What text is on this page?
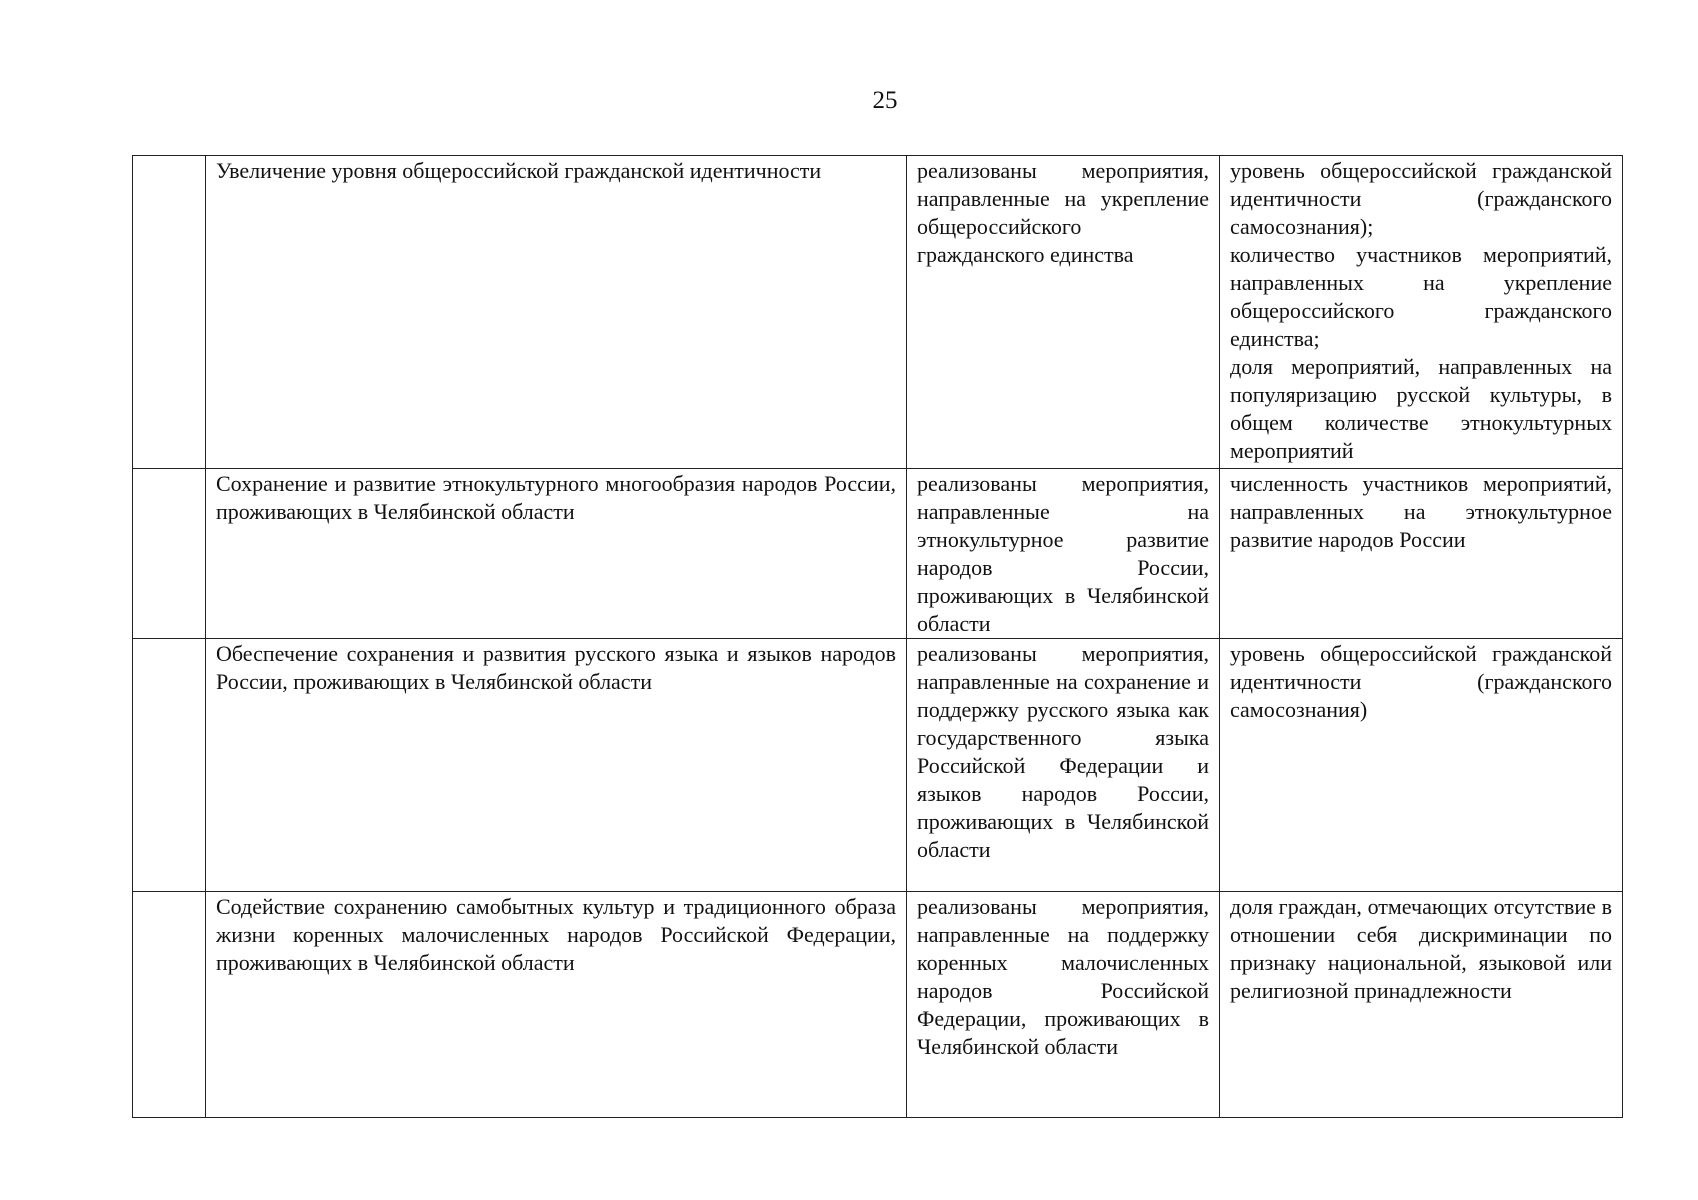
25
	Увеличение уровня общероссийской гражданской идентичности	реализованы мероприятия, направленные на укрепление общероссийского гражданского единства	уровень общероссийской гражданской идентичности (гражданского самосознания);
количество участников мероприятий, направленных на укрепление общероссийского гражданского единства;
доля мероприятий, направленных на популяризацию русской культуры, в общем количестве этнокультурных мероприятий

	Сохранение и развитие этнокультурного многообразия народов России, проживающих в Челябинской области	реализованы мероприятия, направленные на этнокультурное развитие народов России, проживающих в Челябинской области	численность участников мероприятий, направленных на этнокультурное развитие народов России

	Обеспечение сохранения и развития русского языка и языков народов России, проживающих в Челябинской области	реализованы мероприятия, направленные на сохранение и поддержку русского языка как государственного языка Российской Федерации и языков народов России, проживающих в Челябинской области	уровень общероссийской гражданской идентичности (гражданского самосознания)

	Содействие сохранению самобытных культур и традиционного образа жизни коренных малочисленных народов Российской Федерации, проживающих в Челябинской области	реализованы мероприятия, направленные на поддержку коренных малочисленных народов Российской Федерации, проживающих в Челябинской области	доля граждан, отмечающих отсутствие в отношении себя дискриминации по признаку национальной, языковой или религиозной принадлежности
